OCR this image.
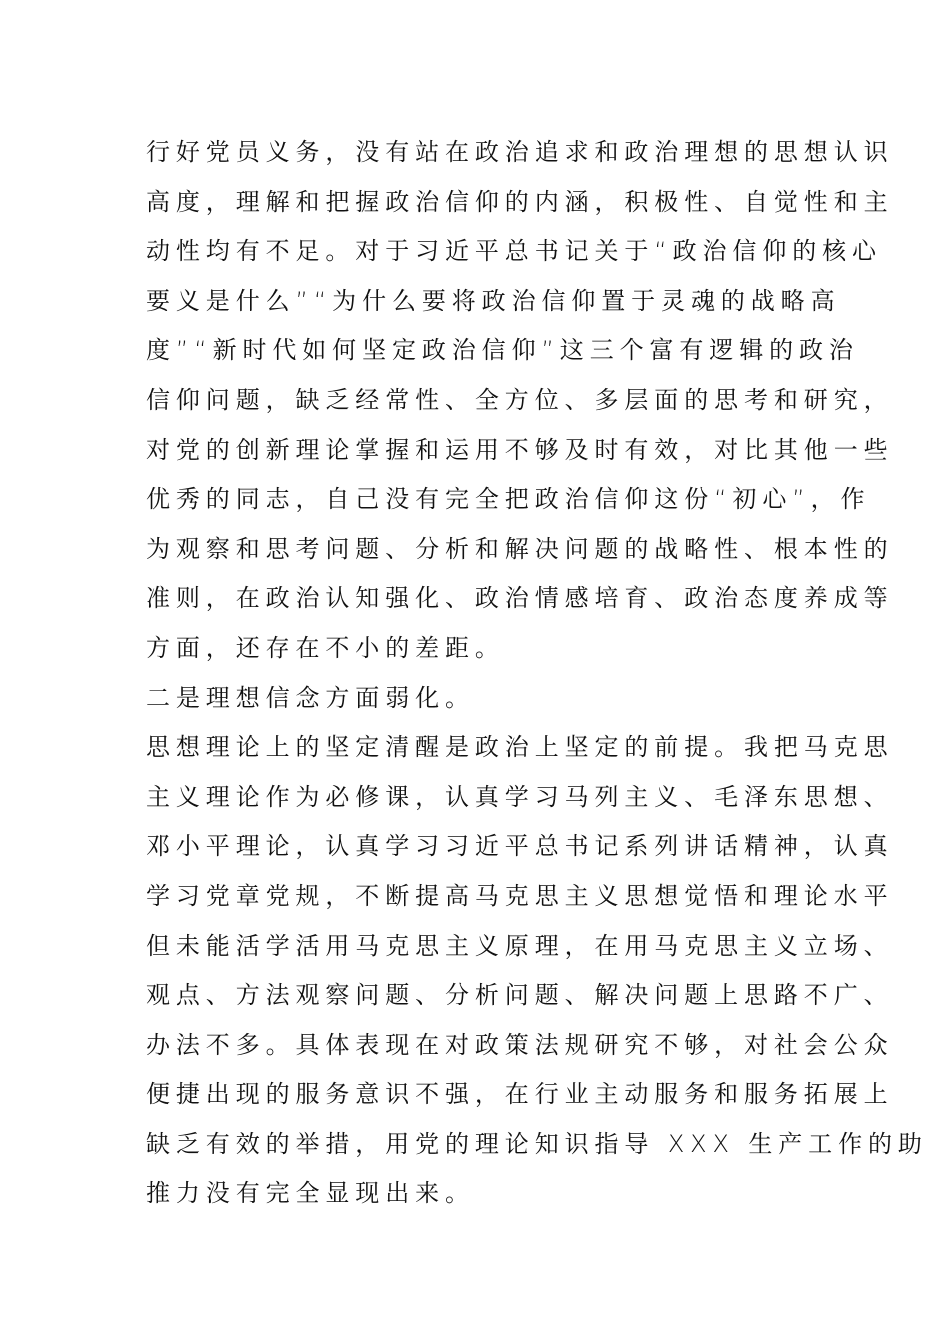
行好党员义务，没有站在政治追求和政治理想的思想认识
高度，理解和把握政治信仰的内涵，积极性、自觉性和主
动性均有不足。对于习近平总书记关于“政治信仰的核心
要义是什么”“为什么要将政治信仰置于灵魂的战略高
度”“新时代如何坚定政治信仰”这三个富有逻辑的政治
信仰问题，缺乏经常性、全方位、多层面的思考和研究，
对党的创新理论掌握和运用不够及时有效，对比其他一些
优秀的同志，自己没有完全把政治信仰这份“初心”，作
为观察和思考问题、分析和解决问题的战略性、根本性的
准则，在政治认知强化、政治情感培育、政治态度养成等
方面，还存在不小的差距。
二是理想信念方面弱化。
思想理论上的坚定清醒是政治上坚定的前提。我把马克思
主义理论作为必修课，认真学习马列主义、毛泽东思想、
邓小平理论，认真学习习近平总书记系列讲话精神，认真
学习党章党规，不断提高马克思主义思想觉悟和理论水平
但未能活学活用马克思主义原理，在用马克思主义立场、
观点、方法观察问题、分析问题、解决问题上思路不广、
办法不多。具体表现在对政策法规研究不够，对社会公众
便捷出现的服务意识不强，在行业主动服务和服务拓展上
缺乏有效的举措，用党的理论知识指导 XXX 生产工作的助
推力没有完全显现出来。
